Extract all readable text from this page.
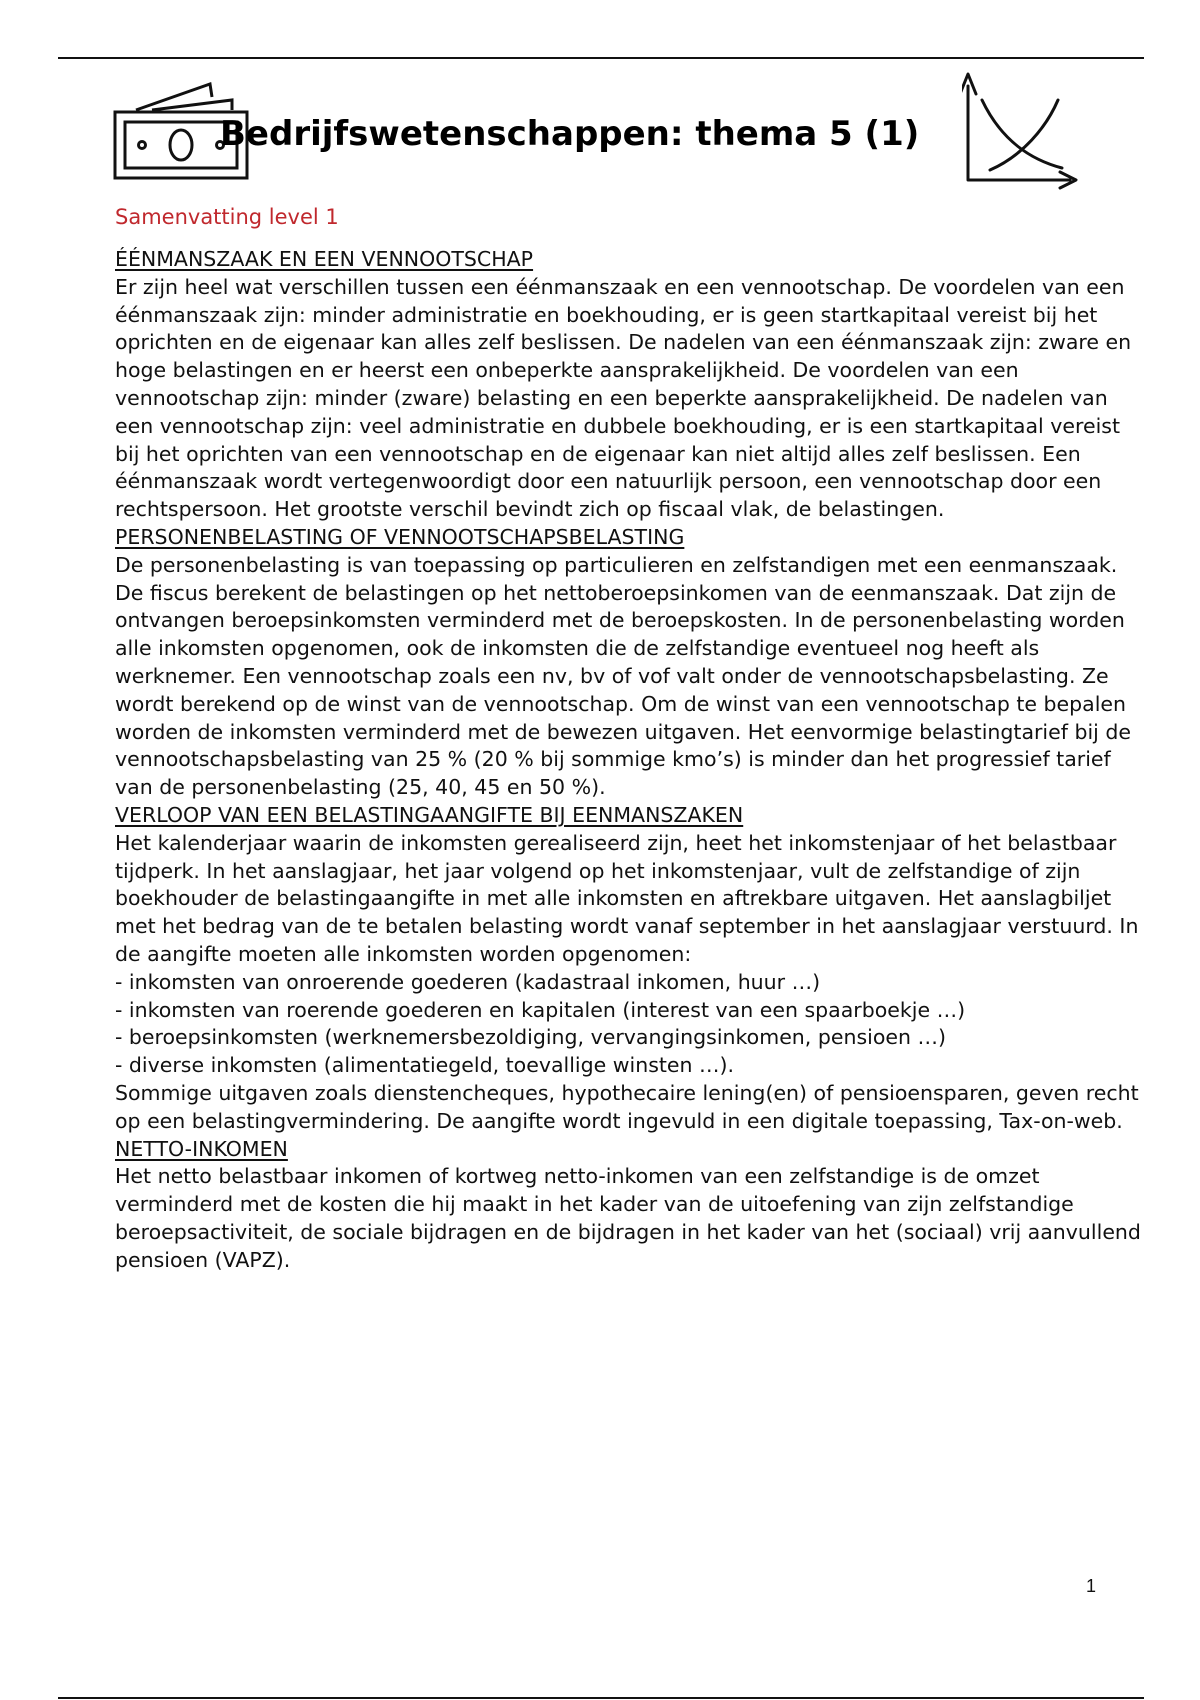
Bedrijfswetenschappen: thema 5 (1)

Samenvatting level 1

ÉÉNMANSZAAK EN EEN VENNOOTSCHAP

Er zijn heel wat verschillen tussen een éénmanszaak en een vennootschap. De voordelen van een éénmanszaak zijn: minder administratie en boekhouding, er is geen startkapitaal vereist bij het oprichten en de eigenaar kan alles zelf beslissen. De nadelen van een éénmanszaak zijn: zware en hoge belastingen en er heerst een onbeperkte aansprakelijkheid. De voordelen van een vennootschap zijn: minder (zware) belasting en een beperkte aansprakelijkheid. De nadelen van een vennootschap zijn: veel administratie en dubbele boekhouding, er is een startkapitaal vereist bij het oprichten van een vennootschap en de eigenaar kan niet altijd alles zelf beslissen. Een éénmanszaak wordt vertegenwoordigt door een natuurlijk persoon, een vennootschap door een rechtspersoon. Het grootste verschil bevindt zich op fiscaal vlak, de belastingen.

PERSONENBELASTING OF VENNOOTSCHAPSBELASTING

De personenbelasting is van toepassing op particulieren en zelfstandigen met een eenmanszaak. De fiscus berekent de belastingen op het nettoberoepsinkomen van de eenmanszaak. Dat zijn de ontvangen beroepsinkomsten verminderd met de beroepskosten. In de personenbelasting worden alle inkomsten opgenomen, ook de inkomsten die de zelfstandige eventueel nog heeft als werknemer. Een vennootschap zoals een nv, bv of vof valt onder de vennootschapsbelasting. Ze wordt berekend op de winst van de vennootschap. Om de winst van een vennootschap te bepalen worden de inkomsten verminderd met de bewezen uitgaven. Het eenvormige belastingtarief bij de vennootschapsbelasting van 25 % (20 % bij sommige kmo’s) is minder dan het progressief tarief van de personenbelasting (25, 40, 45 en 50 %).

VERLOOP VAN EEN BELASTINGAANGIFTE BIJ EENMANSZAKEN

Het kalenderjaar waarin de inkomsten gerealiseerd zijn, heet het inkomstenjaar of het belastbaar tijdperk. In het aanslagjaar, het jaar volgend op het inkomstenjaar, vult de zelfstandige of zijn boekhouder de belastingaangifte in met alle inkomsten en aftrekbare uitgaven. Het aanslagbiljet met het bedrag van de te betalen belasting wordt vanaf september in het aanslagjaar verstuurd. In de aangifte moeten alle inkomsten worden opgenomen:

- inkomsten van onroerende goederen (kadastraal inkomen, huur …)
- inkomsten van roerende goederen en kapitalen (interest van een spaarboekje …)
- beroepsinkomsten (werknemersbezoldiging, vervangingsinkomen, pensioen …)
- diverse inkomsten (alimentatiegeld, toevallige winsten …).

Sommige uitgaven zoals dienstencheques, hypothecaire lening(en) of pensioensparen, geven recht op een belastingvermindering. De aangifte wordt ingevuld in een digitale toepassing, Tax-on-web.

NETTO-INKOMEN

Het netto belastbaar inkomen of kortweg netto-inkomen van een zelfstandige is de omzet verminderd met de kosten die hij maakt in het kader van de uitoefening van zijn zelfstandige beroepsactiviteit, de sociale bijdragen en de bijdragen in het kader van het (sociaal) vrij aanvullend pensioen (VAPZ).

1
